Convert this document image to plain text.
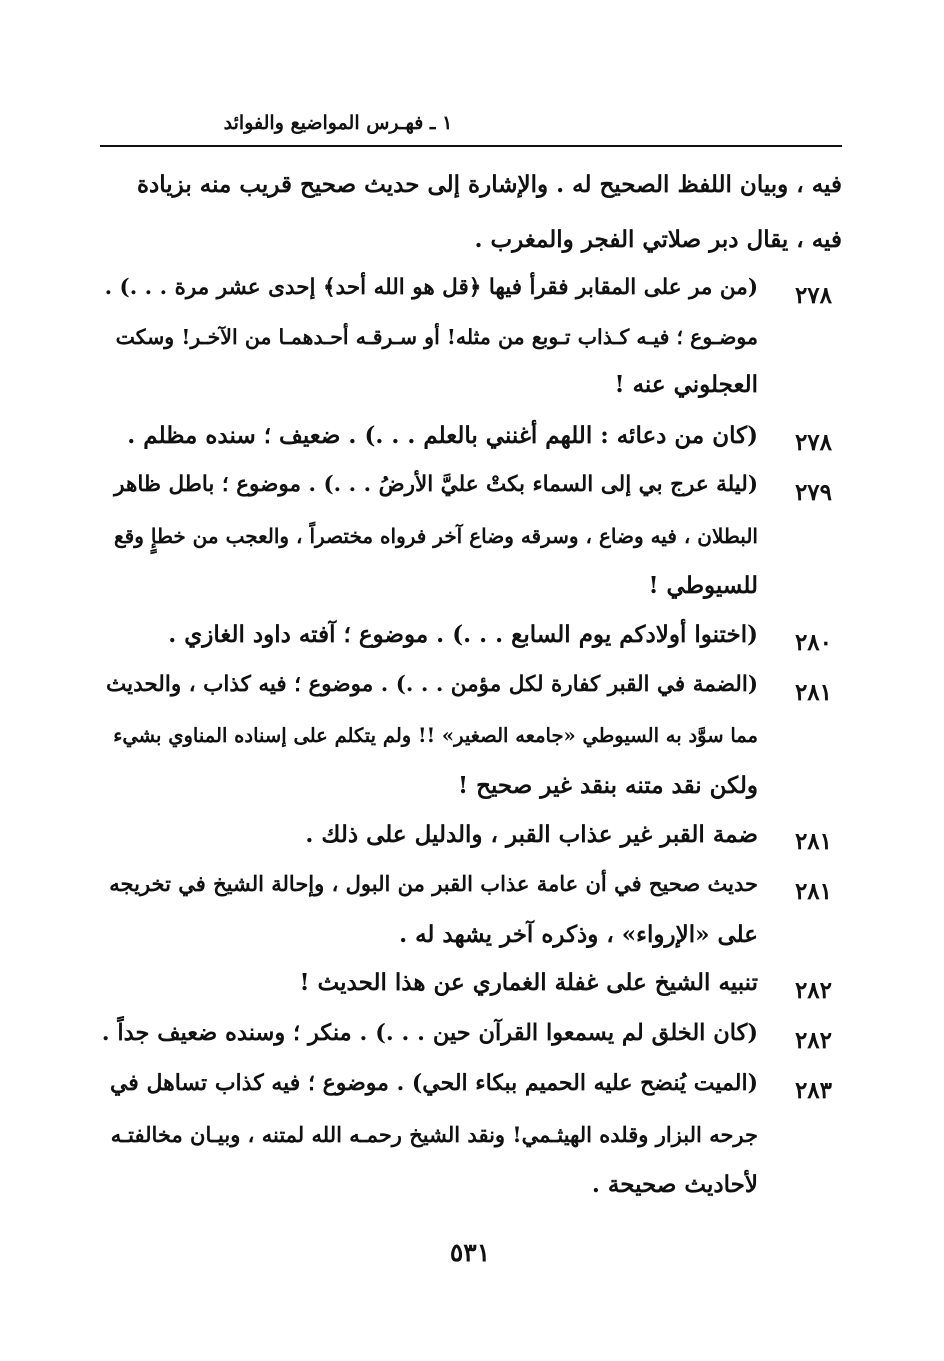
١ ـ فهـرس المواضيع والفوائد
فيه ، وبيان اللفظ الصحيح له . والإشارة إلى حديث صحيح قريب منه بزيادة
فيه ، يقال دبر صلاتي الفجر والمغرب .
٢٧٨
(من مر على المقابر فقرأ فيها ﴿قل هو الله أحد﴾ إحدى عشر مرة . . .) .
موضـوع ؛ فيـه كـذاب تـوبع من مثله! أو سـرقـه أحـدهمـا من الآخـر! وسكت
العجلوني عنه !
٢٧٨
(كان من دعائه : اللهم أغنني بالعلم . . .) . ضعيف ؛ سنده مظلم .
٢٧٩
(ليلة عرج بي إلى السماء بكتْ عليَّ الأرضُ . . .) . موضوع ؛ باطل ظاهر
البطلان ، فيه وضاع ، وسرقه وضاع آخر فرواه مختصراً ، والعجب من خطإٍ وقع
للسيوطي !
٢٨٠
(اختنوا أولادكم يوم السابع . . .) . موضوع ؛ آفته داود الغازي .
٢٨١
(الضمة في القبر كفارة لكل مؤمن . . .) . موضوع ؛ فيه كذاب ، والحديث
مما سوَّد به السيوطي «جامعه الصغير» !! ولم يتكلم على إسناده المناوي بشيء
ولكن نقد متنه بنقد غير صحيح !
٢٨١
ضمة القبر غير عذاب القبر ، والدليل على ذلك .
٢٨١
حديث صحيح في أن عامة عذاب القبر من البول ، وإحالة الشيخ في تخريجه
على «الإرواء» ، وذكره آخر يشهد له .
٢٨٢
تنبيه الشيخ على غفلة الغماري عن هذا الحديث !
٢٨٢
(كان الخلق لم يسمعوا القرآن حين . . .) . منكر ؛ وسنده ضعيف جداً .
٢٨٣
(الميت يُنضح عليه الحميم ببكاء الحي) . موضوع ؛ فيه كذاب تساهل في
جرحه البزار وقلده الهيثـمي! ونقد الشيخ رحمـه الله لمتنه ، وبيـان مخالفتـه
لأحاديث صحيحة .
٥٣١
